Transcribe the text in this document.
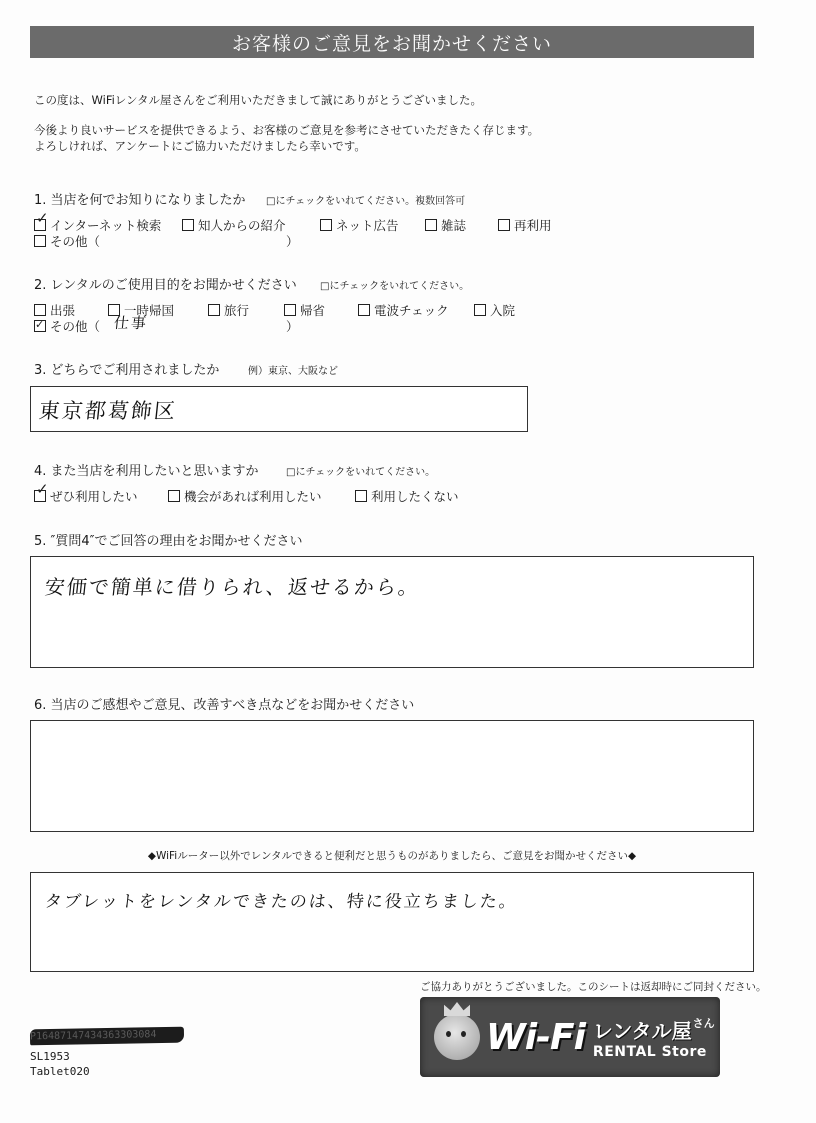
お客様のご意見をお聞かせください
この度は、WiFiレンタル屋さんをご利用いただきまして誠にありがとうございました。
今後より良いサービスを提供できるよう、お客様のご意見を参考にさせていただきたく存じます。
よろしければ、アンケートにご協力いただけましたら幸いです。
1. 当店を何でお知りになりましたか □にチェックをいれてください。複数回答可
✓ インターネット検索	知人からの紹介	ネット広告	雑誌	再利用
その他（	）
2. レンタルのご使用目的をお聞かせください □にチェックをいれてください。
出張	一時帰国	旅行	帰省	電波チェック	入院
✓ その他（ 仕事	）
3. どちらでご利用されましたか	例）東京、大阪など
東京都葛飾区
4. また当店を利用したいと思いますか	□にチェックをいれてください。
✓ ぜひ利用したい	機会があれば利用したい	利用したくない
5. ″質問4″でご回答の理由をお聞かせください
安価で簡単に借りられ、返せるから。
6. 当店のご感想やご意見、改善すべき点などをお聞かせください
◆WiFiルーター以外でレンタルできると便利だと思うものがありましたら、ご意見をお聞かせください◆
タブレットをレンタルできたのは、特に役立ちました。
ご協力ありがとうございました。このシートは返却時にご同封ください。
P16487147434363303084
SL1953
Tablet020
Wi-Fi レンタル屋 さん
RENTAL Store
